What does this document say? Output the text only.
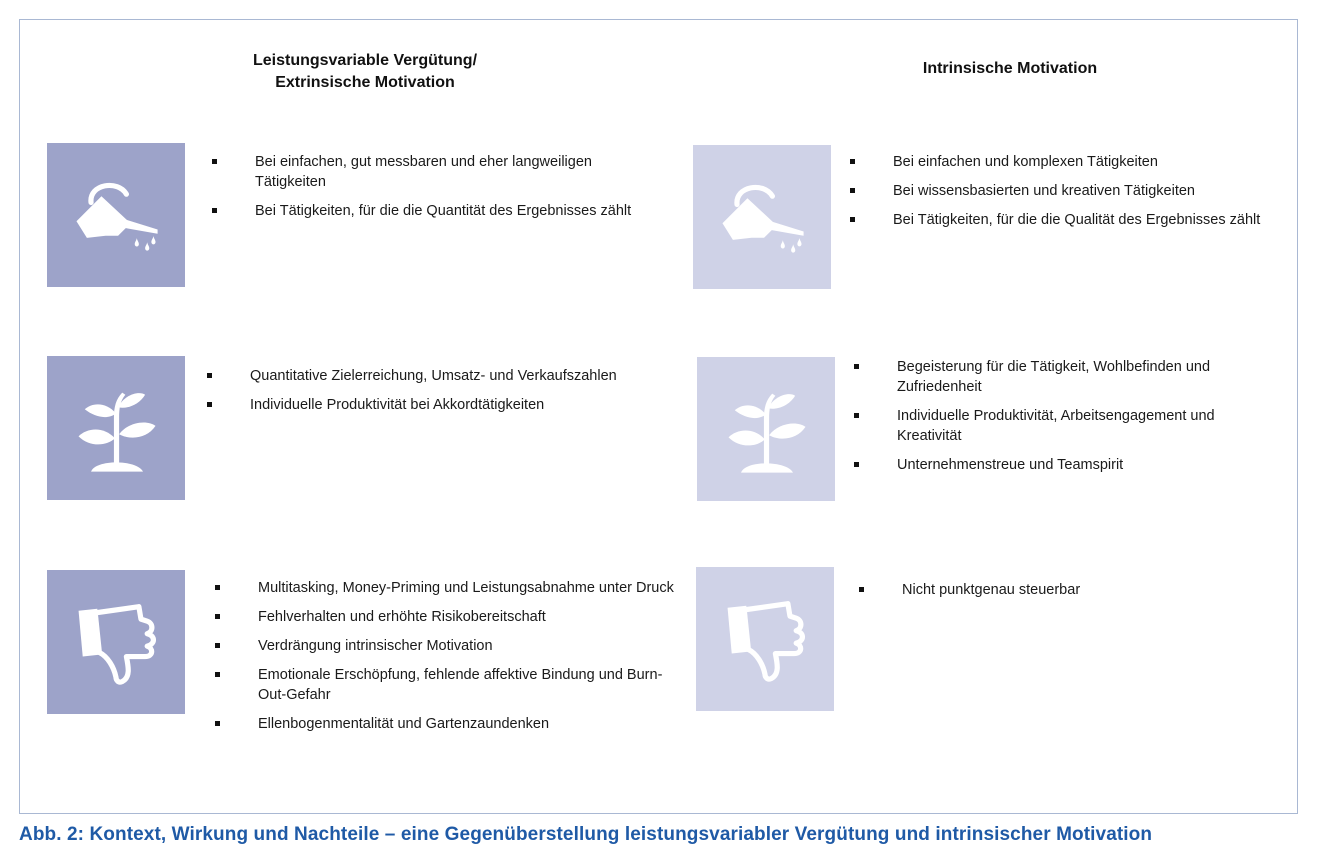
Leistungsvariable Vergütung/
Extrinsische Motivation
Intrinsische Motivation
Bei einfachen, gut messbaren und eher langweiligen Tätigkeiten
Bei Tätigkeiten, für die die Quantität des Ergebnisses zählt
Quantitative Zielerreichung, Umsatz- und Verkaufszahlen
Individuelle Produktivität bei Akkordtätigkeiten
Multitasking, Money-Priming und Leistungsabnahme unter Druck
Fehlverhalten und erhöhte Risikobereitschaft
Verdrängung intrinsischer Motivation
Emotionale Erschöpfung, fehlende affektive Bindung und Burn-Out-Gefahr
Ellenbogenmentalität und Gartenzaundenken
Bei einfachen und komplexen Tätigkeiten
Bei wissensbasierten und kreativen Tätigkeiten
Bei Tätigkeiten, für die die Qualität des Ergebnisses zählt
Begeisterung für die Tätigkeit, Wohlbefinden und Zufriedenheit
Individuelle Produktivität, Arbeitsengagement und Kreativität
Unternehmenstreue und Teamspirit
Nicht punktgenau steuerbar
Abb. 2: Kontext, Wirkung und Nachteile – eine Gegenüberstellung leistungsvariabler Vergütung und intrinsischer Motivation
